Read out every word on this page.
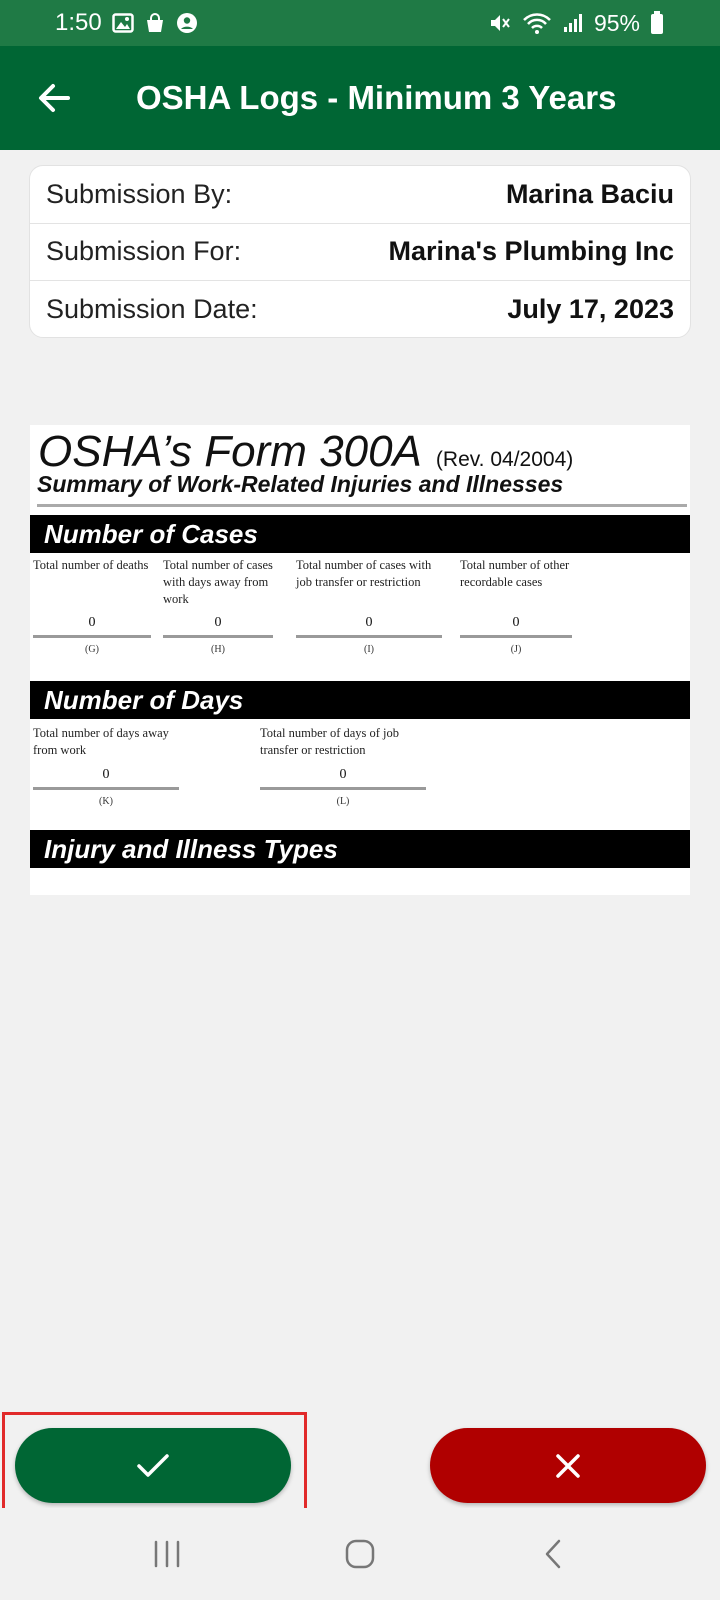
1:50	95%
OSHA Logs - Minimum 3 Years
Submission By:	Marina Baciu
Submission For:	Marina's Plumbing Inc
Submission Date:	July 17, 2023
OSHA’s Form 300A (Rev. 04/2004)
Summary of Work-Related Injuries and Illnesses
Number of Cases
Total number of deaths
0
(G)
Total number of cases with days away from work
0
(H)
Total number of cases with job transfer or restriction
0
(I)
Total number of other recordable cases
0
(J)
Number of Days
Total number of days away from work
0
(K)
Total number of days of job transfer or restriction
0
(L)
Injury and Illness Types
